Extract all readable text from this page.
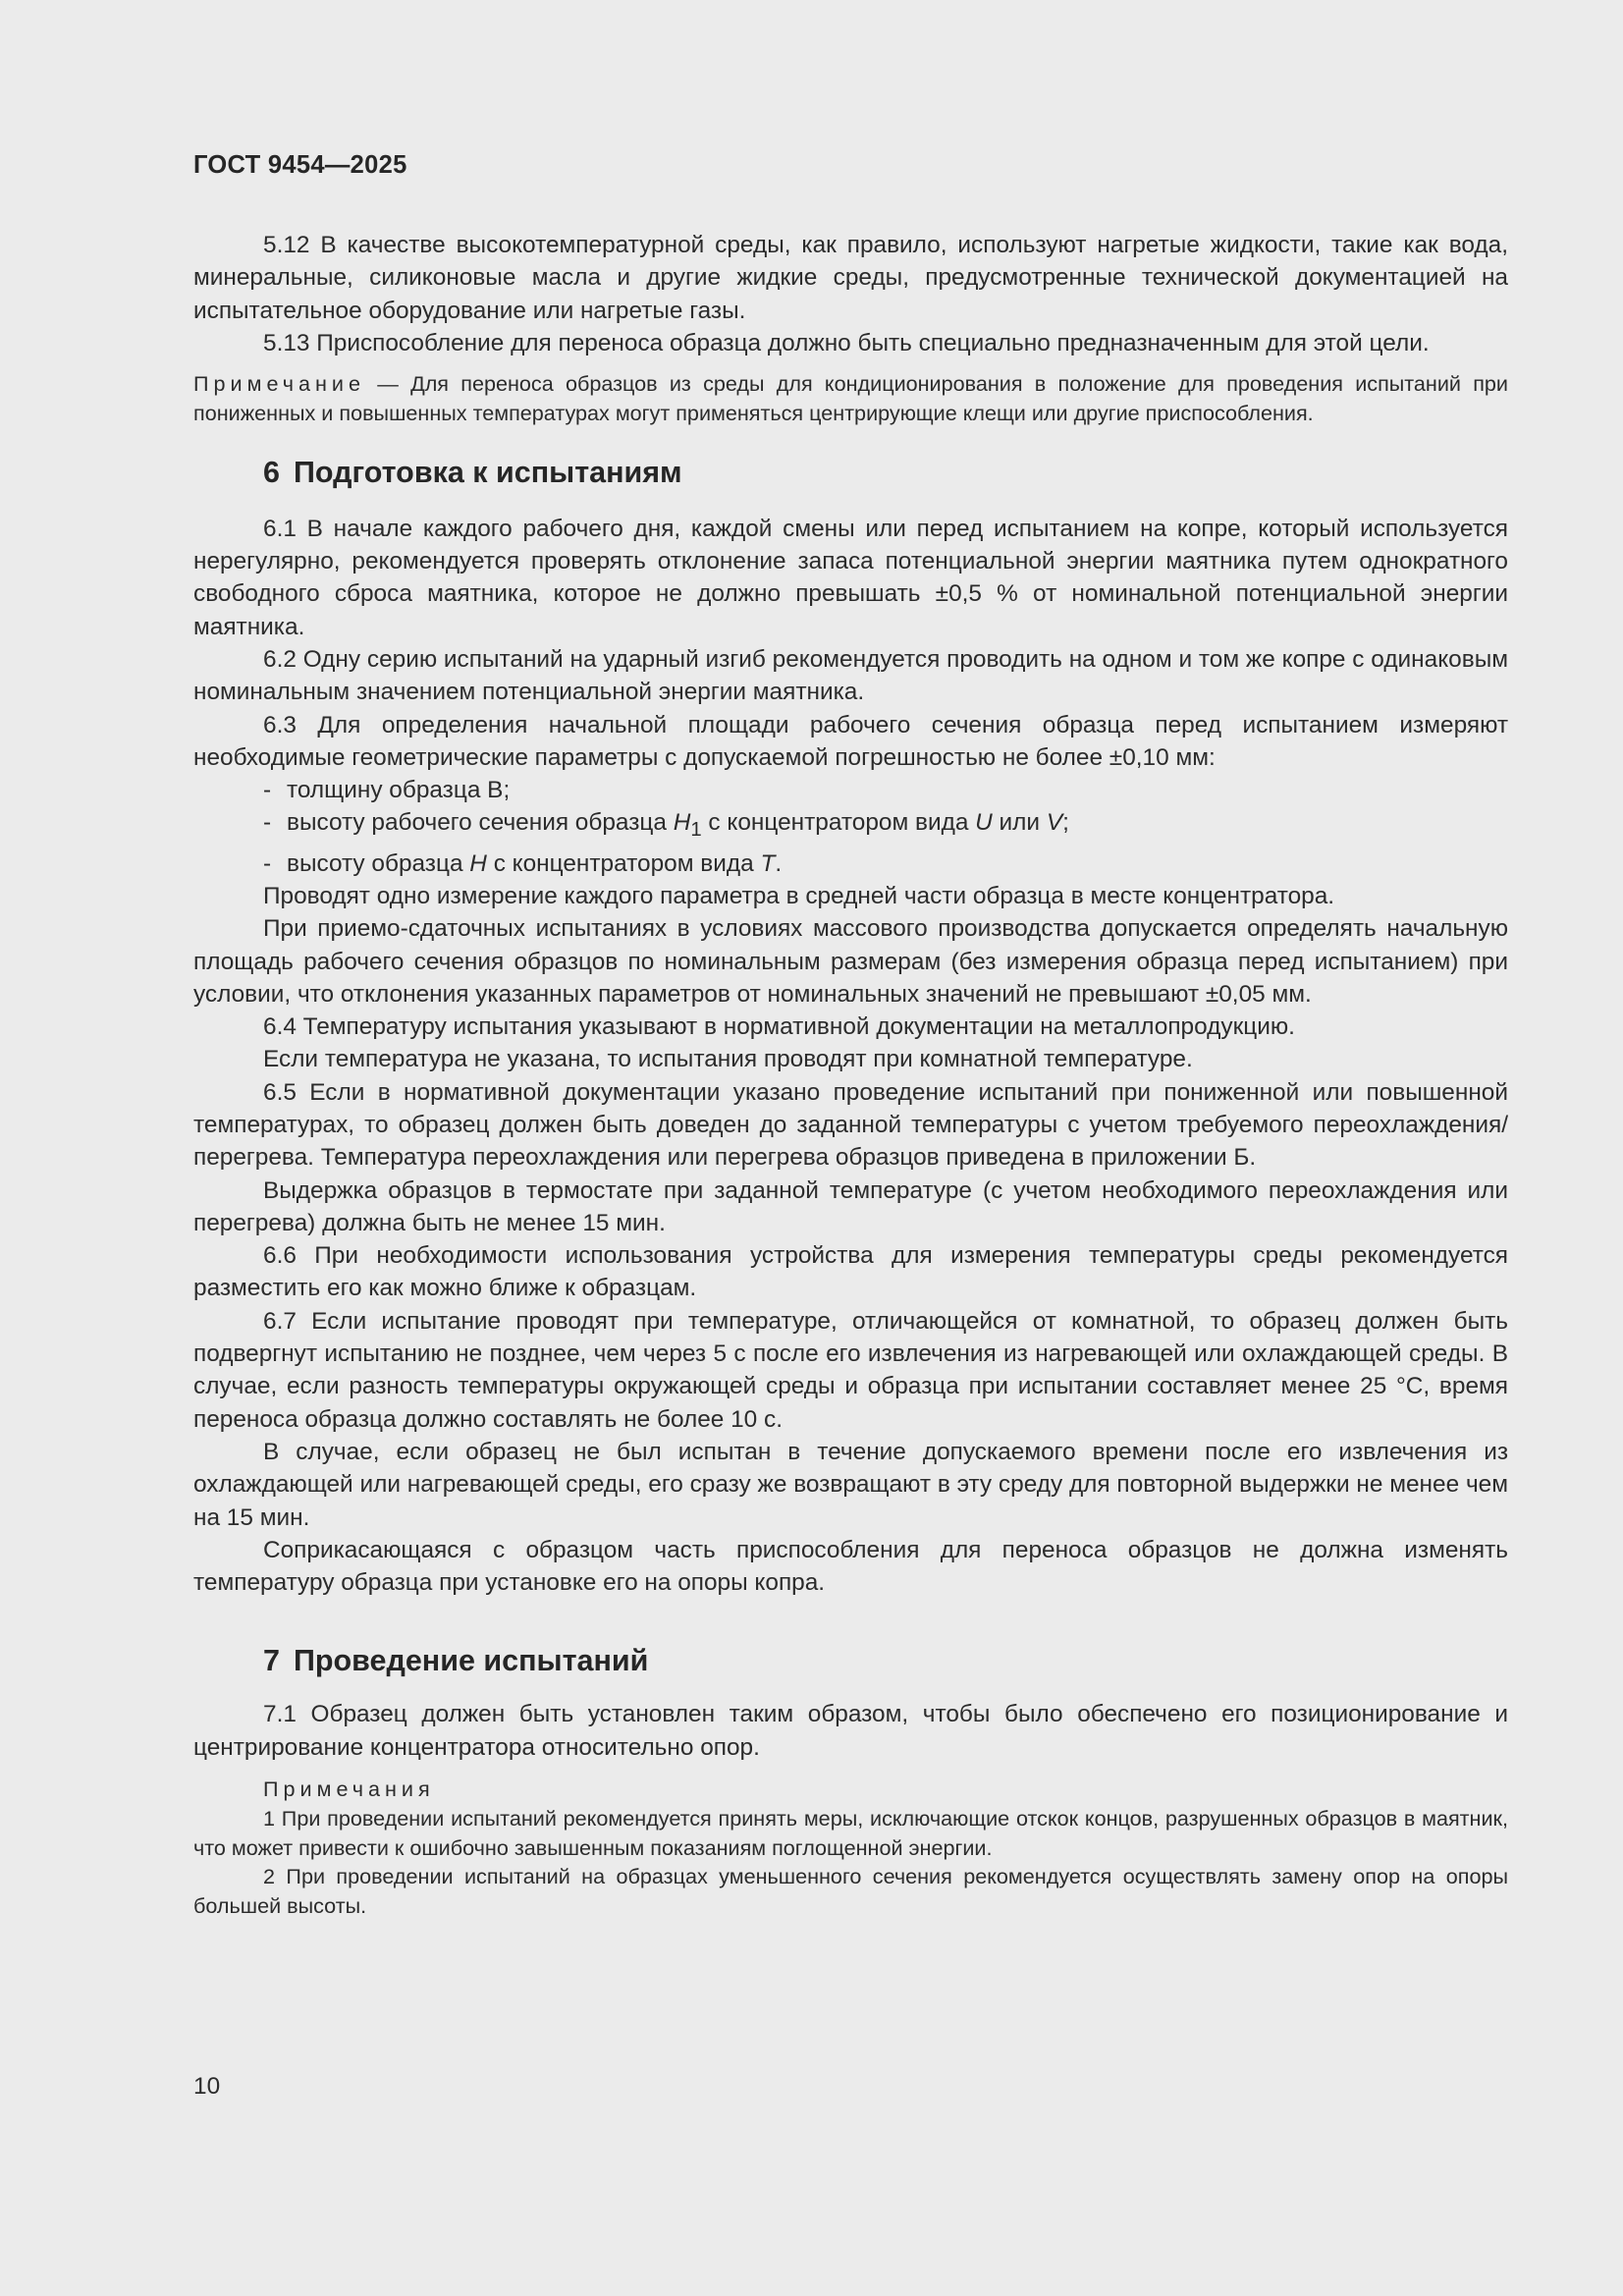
ГОСТ 9454—2025

5.12 В качестве высокотемпературной среды, как правило, используют нагретые жидкости, такие как вода, минеральные, силиконовые масла и другие жидкие среды, предусмотренные технической документацией на испытательное оборудование или нагретые газы.

5.13 Приспособление для переноса образца должно быть специально предназначенным для этой цели.

Примечание — Для переноса образцов из среды для кондиционирования в положение для проведения испытаний при пониженных и повышенных температурах могут применяться центрирующие клещи или другие приспособления.

6 Подготовка к испытаниям

6.1 В начале каждого рабочего дня, каждой смены или перед испытанием на копре, который используется нерегулярно, рекомендуется проверять отклонение запаса потенциальной энергии маятника путем однократного свободного сброса маятника, которое не должно превышать ±0,5 % от номинальной потенциальной энергии маятника.

6.2 Одну серию испытаний на ударный изгиб рекомендуется проводить на одном и том же копре с одинаковым номинальным значением потенциальной энергии маятника.

6.3 Для определения начальной площади рабочего сечения образца перед испытанием измеряют необходимые геометрические параметры с допускаемой погрешностью не более ±0,10 мм:

- толщину образца B;

- высоту рабочего сечения образца $H_1$ с концентратором вида U или V;

- высоту образца H с концентратором вида T.

Проводят одно измерение каждого параметра в средней части образца в месте концентратора.

При приемо-сдаточных испытаниях в условиях массового производства допускается определять начальную площадь рабочего сечения образцов по номинальным размерам (без измерения образца перед испытанием) при условии, что отклонения указанных параметров от номинальных значений не превышают ±0,05 мм.

6.4 Температуру испытания указывают в нормативной документации на металлопродукцию.

Если температура не указана, то испытания проводят при комнатной температуре.

6.5 Если в нормативной документации указано проведение испытаний при пониженной или повышенной температурах, то образец должен быть доведен до заданной температуры с учетом требуемого переохлаждения/перегрева. Температура переохлаждения или перегрева образцов приведена в приложении Б.

Выдержка образцов в термостате при заданной температуре (с учетом необходимого переохлаждения или перегрева) должна быть не менее 15 мин.

6.6 При необходимости использования устройства для измерения температуры среды рекомендуется разместить его как можно ближе к образцам.

6.7 Если испытание проводят при температуре, отличающейся от комнатной, то образец должен быть подвергнут испытанию не позднее, чем через 5 с после его извлечения из нагревающей или охлаждающей среды. В случае, если разность температуры окружающей среды и образца при испытании составляет менее 25 °С, время переноса образца должно составлять не более 10 с.

В случае, если образец не был испытан в течение допускаемого времени после его извлечения из охлаждающей или нагревающей среды, его сразу же возвращают в эту среду для повторной выдержки не менее чем на 15 мин.

Соприкасающаяся с образцом часть приспособления для переноса образцов не должна изменять температуру образца при установке его на опоры копра.

7 Проведение испытаний

7.1 Образец должен быть установлен таким образом, чтобы было обеспечено его позиционирование и центрирование концентратора относительно опор.

Примечания

1 При проведении испытаний рекомендуется принять меры, исключающие отскок концов, разрушенных образцов в маятник, что может привести к ошибочно завышенным показаниям поглощенной энергии.

2 При проведении испытаний на образцах уменьшенного сечения рекомендуется осуществлять замену опор на опоры большей высоты.

10
